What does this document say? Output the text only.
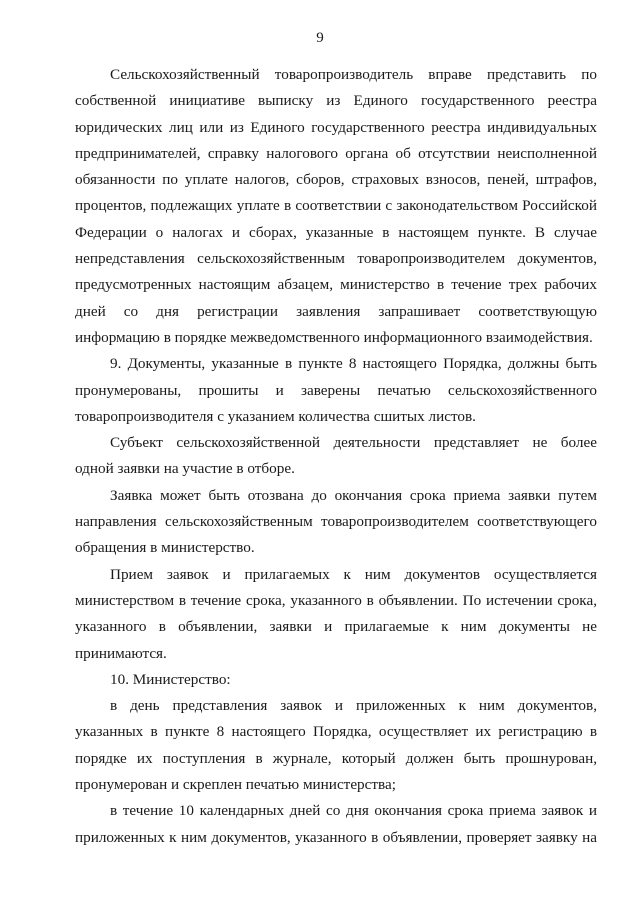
9
Сельскохозяйственный товаропроизводитель вправе представить по
собственной инициативе выписку из Единого государственного реестра
юридических лиц или из Единого государственного реестра индивидуальных
предпринимателей, справку налогового органа об отсутствии неисполненной
обязанности по уплате налогов, сборов, страховых взносов, пеней, штрафов,
процентов, подлежащих уплате в соответствии с законодательством Российской
Федерации о налогах и сборах, указанные в настоящем пункте. В случае
непредставления сельскохозяйственным товаропроизводителем документов,
предусмотренных настоящим абзацем, министерство в течение трех рабочих
дней со дня регистрации заявления запрашивает соответствующую
информацию в порядке межведомственного информационного взаимодействия.
9. Документы, указанные в пункте 8 настоящего Порядка, должны быть
пронумерованы, прошиты и заверены печатью сельскохозяйственного
товаропроизводителя с указанием количества сшитых листов.
Субъект сельскохозяйственной деятельности представляет не более
одной заявки на участие в отборе.
Заявка может быть отозвана до окончания срока приема заявки путем
направления сельскохозяйственным товаропроизводителем соответствующего
обращения в министерство.
Прием заявок и прилагаемых к ним документов осуществляется
министерством в течение срока, указанного в объявлении. По истечении срока,
указанного в объявлении, заявки и прилагаемые к ним документы не
принимаются.
10. Министерство:
в день представления заявок и приложенных к ним документов,
указанных в пункте 8 настоящего Порядка, осуществляет их регистрацию в
порядке их поступления в журнале, который должен быть прошнурован,
пронумерован и скреплен печатью министерства;
в течение 10 календарных дней со дня окончания срока приема заявок и
приложенных к ним документов, указанного в объявлении, проверяет заявку на
